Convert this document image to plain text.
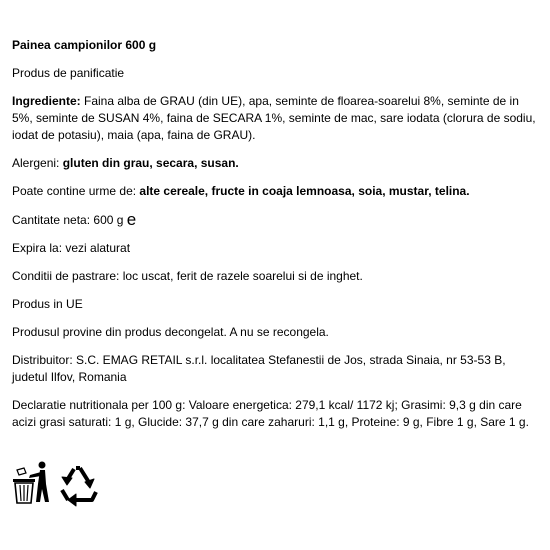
Painea campionilor 600 g

Produs de panificatie

Ingrediente: Faina alba de GRAU (din UE), apa, seminte de floarea-soarelui 8%, seminte de in 5%, seminte de SUSAN 4%, faina de SECARA 1%, seminte de mac, sare iodata (clorura de sodiu, iodat de potasiu), maia (apa, faina de GRAU).

Alergeni: gluten din grau, secara, susan.

Poate contine urme de: alte cereale, fructe in coaja lemnoasa, soia, mustar, telina.

Cantitate neta: 600 g e

Expira la: vezi alaturat

Conditii de pastrare: loc uscat, ferit de razele soarelui si de inghet.

Produs in UE

Produsul provine din produs decongelat. A nu se recongela.

Distribuitor: S.C. EMAG RETAIL s.r.l. localitatea Stefanestii de Jos, strada Sinaia, nr 53-53 B, judetul Ilfov, Romania

Declaratie nutritionala per 100 g: Valoare energetica: 279,1 kcal/ 1172 kj; Grasimi: 9,3 g din care acizi grasi saturati: 1 g, Glucide: 37,7 g din care zaharuri: 1,1 g, Proteine: 9 g, Fibre 1 g, Sare 1 g.
